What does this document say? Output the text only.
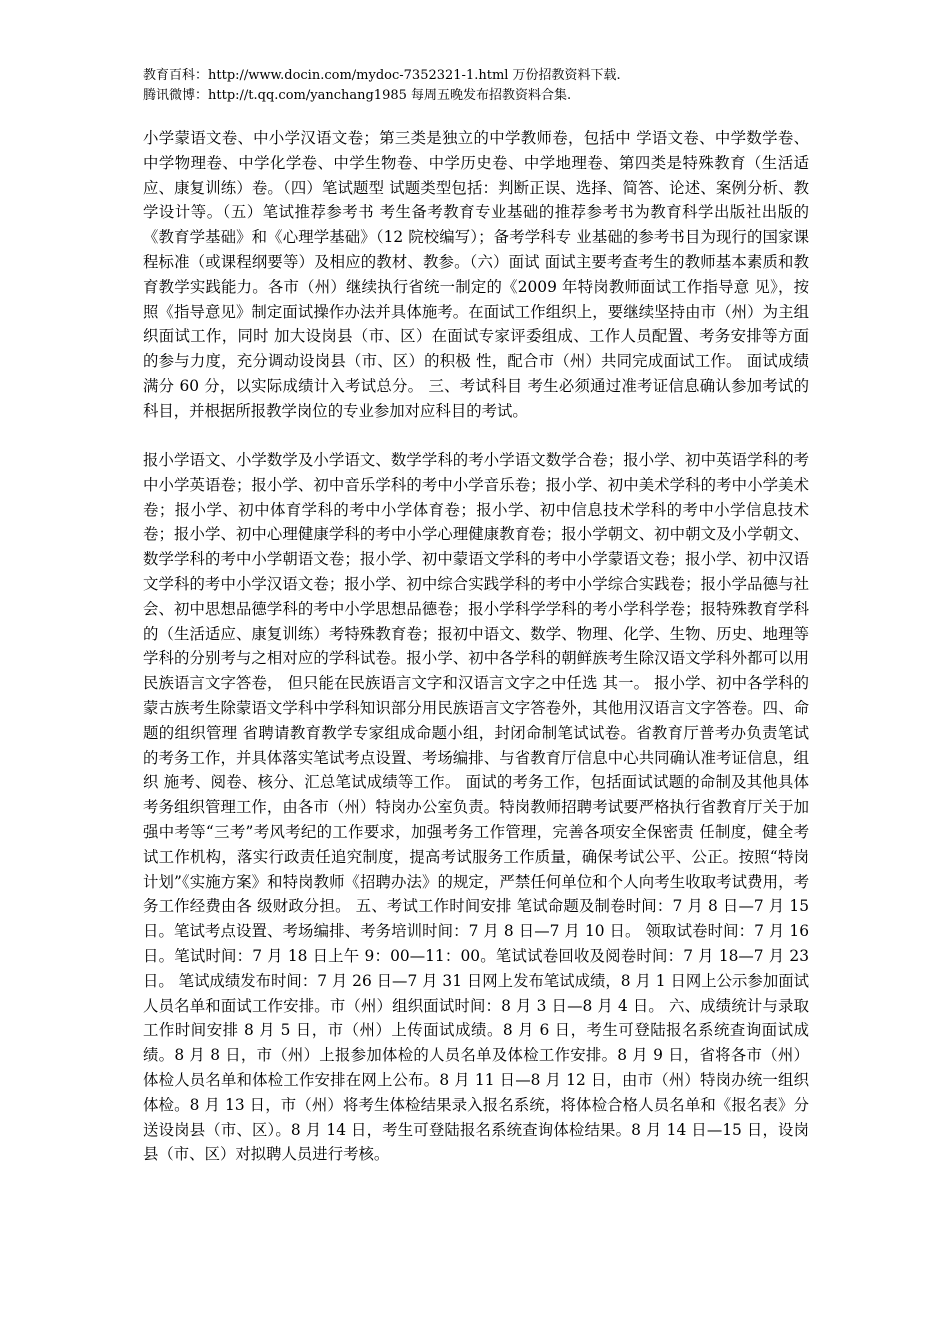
教育百科：http://www.docin.com/mydoc-7352321-1.html 万份招教资料下载.
腾讯微博：http://t.qq.com/yanchang1985 每周五晚发布招教资料合集.
小学蒙语文卷、中小学汉语文卷；第三类是独立的中学教师卷，包括中 学语文卷、中学数学卷、中学物理卷、中学化学卷、中学生物卷、中学历史卷、中学地理卷、第四类是特殊教育（生活适应、康复训练）卷。（四）笔试题型 试题类型包括：判断正误、选择、简答、论述、案例分析、教学设计等。（五）笔试推荐参考书 考生备考教育专业基础的推荐参考书为教育科学出版社出版的《教育学基础》和《心理学基础》（12 院校编写）；备考学科专 业基础的参考书目为现行的国家课程标准（或课程纲要等）及相应的教材、教参。（六）面试 面试主要考查考生的教师基本素质和教育教学实践能力。各市（州）继续执行省统一制定的《2009 年特岗教师面试工作指导意 见》，按照《指导意见》制定面试操作办法并具体施考。在面试工作组织上，要继续坚持由市（州）为主组织面试工作，同时 加大设岗县（市、区）在面试专家评委组成、工作人员配置、考务安排等方面的参与力度，充分调动设岗县（市、区）的积极 性，配合市（州）共同完成面试工作。 面试成绩满分 60 分，以实际成绩计入考试总分。 三、考试科目 考生必须通过准考证信息确认参加考试的科目，并根据所报教学岗位的专业参加对应科目的考试。
报小学语文、小学数学及小学语文、数学学科的考小学语文数学合卷；报小学、初中英语学科的考中小学英语卷；报小学、初中音乐学科的考中小学音乐卷；报小学、初中美术学科的考中小学美术卷；报小学、初中体育学科的考中小学体育卷；报小学、初中信息技术学科的考中小学信息技术卷；报小学、初中心理健康学科的考中小学心理健康教育卷；报小学朝文、初中朝文及小学朝文、数学学科的考中小学朝语文卷；报小学、初中蒙语文学科的考中小学蒙语文卷；报小学、初中汉语文学科的考中小学汉语文卷；报小学、初中综合实践学科的考中小学综合实践卷；报小学品德与社会、初中思想品德学科的考中小学思想品德卷；报小学科学学科的考小学科学卷；报特殊教育学科的（生活适应、康复训练）考特殊教育卷；报初中语文、数学、物理、化学、生物、历史、地理等学科的分别考与之相对应的学科试卷。报小学、初中各学科的朝鲜族考生除汉语文学科外都可以用民族语言文字答卷， 但只能在民族语言文字和汉语言文字之中任选 其一。 报小学、初中各学科的蒙古族考生除蒙语文学科中学科知识部分用民族语言文字答卷外，其他用汉语言文字答卷。四、命题的组织管理 省聘请教育教学专家组成命题小组，封闭命制笔试试卷。省教育厅普考办负责笔试的考务工作，并具体落实笔试考点设置、考场编排、与省教育厅信息中心共同确认准考证信息，组织 施考、阅卷、核分、汇总笔试成绩等工作。 面试的考务工作，包括面试试题的命制及其他具体考务组织管理工作，由各市（州）特岗办公室负责。特岗教师招聘考试要严格执行省教育厅关于加强中考等“三考”考风考纪的工作要求，加强考务工作管理，完善各项安全保密责 任制度，健全考试工作机构，落实行政责任追究制度，提高考试服务工作质量，确保考试公平、公正。按照“特岗计划”《实施方案》和特岗教师《招聘办法》的规定，严禁任何单位和个人向考生收取考试费用，考务工作经费由各 级财政分担。 五、考试工作时间安排 笔试命题及制卷时间：7 月 8 日—7 月 15 日。笔试考点设置、考场编排、考务培训时间：7 月 8 日—7 月 10 日。 领取试卷时间：7 月 16 日。笔试时间：7 月 18 日上午 9：00—11：00。笔试试卷回收及阅卷时间：7 月 18—7 月 23 日。 笔试成绩发布时间：7 月 26 日—7 月 31 日网上发布笔试成绩，8 月 1 日网上公示参加面试人员名单和面试工作安排。市（州）组织面试时间：8 月 3 日—8 月 4 日。 六、成绩统计与录取工作时间安排 8 月 5 日，市（州）上传面试成绩。8 月 6 日，考生可登陆报名系统查询面试成绩。8 月 8 日，市（州）上报参加体检的人员名单及体检工作安排。8 月 9 日，省将各市（州）体检人员名单和体检工作安排在网上公布。8 月 11 日—8 月 12 日，由市（州）特岗办统一组织体检。8 月 13 日，市（州）将考生体检结果录入报名系统，将体检合格人员名单和《报名表》分送设岗县（市、区）。8 月 14 日，考生可登陆报名系统查询体检结果。8 月 14 日—15 日，设岗县（市、区）对拟聘人员进行考核。
